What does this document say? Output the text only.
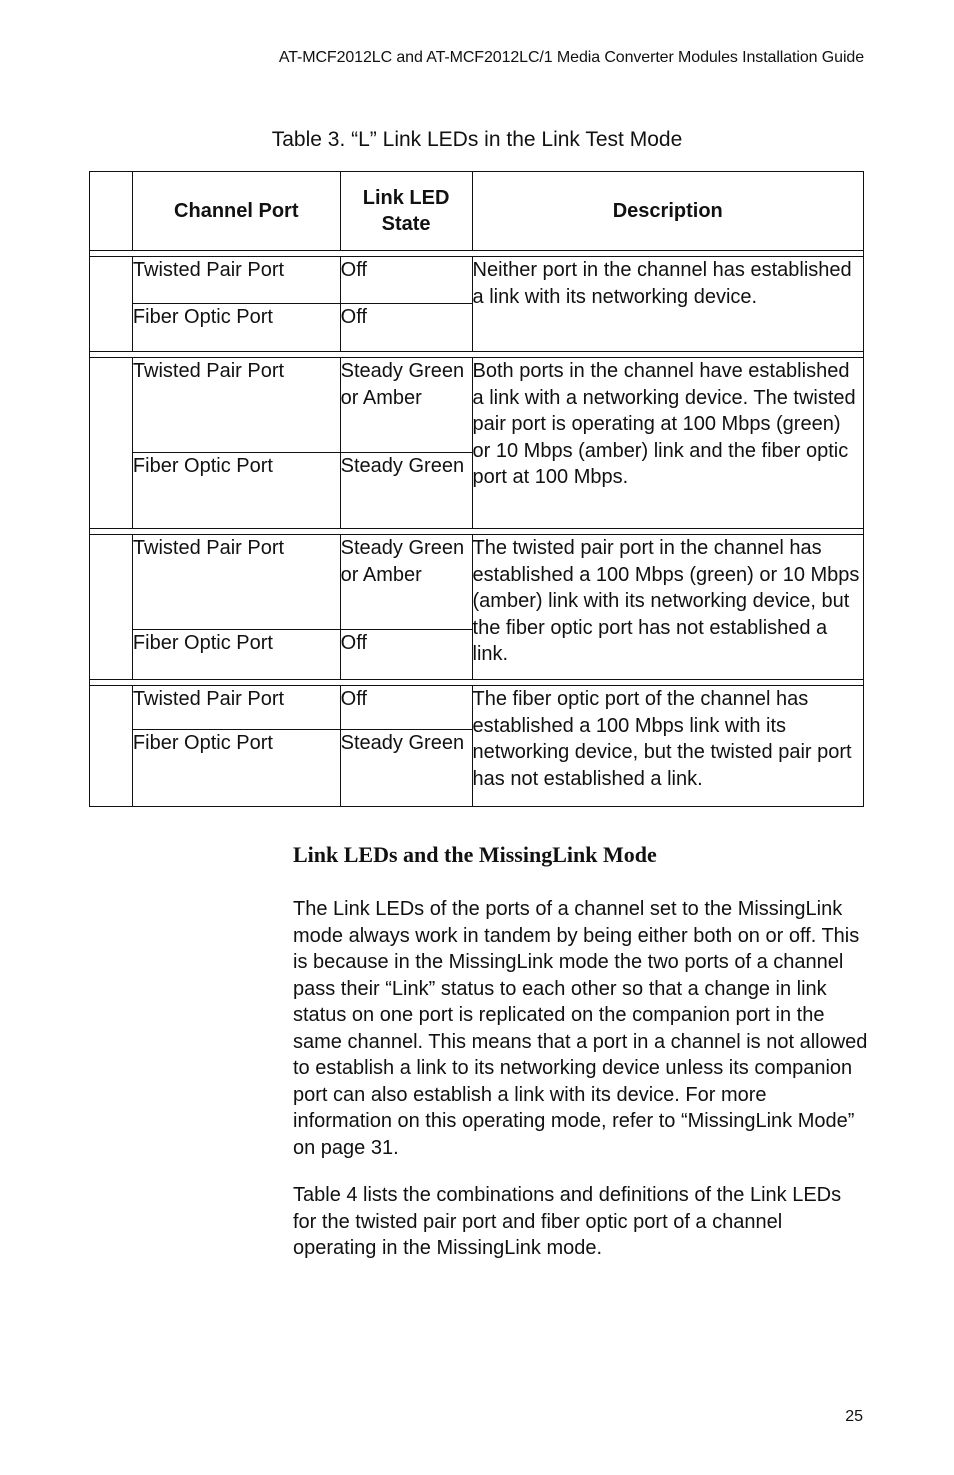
AT-MCF2012LC and AT-MCF2012LC/1 Media Converter Modules Installation Guide
Table 3. “L” Link LEDs in the Link Test Mode
	Channel Port	Link LED State	Description

	Twisted Pair Port	Off	Neither port in the channel has established a link with its networking device.
	Fiber Optic Port	Off	

	Twisted Pair Port	Steady Green or Amber	Both ports in the channel have established a link with a networking device. The twisted pair port is operating at 100 Mbps (green) or 10 Mbps (amber) link and the fiber optic port at 100 Mbps.
	Fiber Optic Port	Steady Green	

	Twisted Pair Port	Steady Green or Amber	The twisted pair port in the channel has established a 100 Mbps (green) or 10 Mbps (amber) link with its networking device, but the fiber optic port has not established a link.
	Fiber Optic Port	Off	

	Twisted Pair Port	Off	The fiber optic port of the channel has established a 100 Mbps link with its networking device, but the twisted pair port has not established a link.
	Fiber Optic Port	Steady Green	
Link LEDs and the MissingLink Mode

The Link LEDs of the ports of a channel set to the MissingLink mode always work in tandem by being either both on or off. This is because in the MissingLink mode the two ports of a channel pass their “Link” status to each other so that a change in link status on one port is replicated on the companion port in the same channel. This means that a port in a channel is not allowed to establish a link to its networking device unless its companion port can also establish a link with its device. For more information on this operating mode, refer to “MissingLink Mode” on page 31.

Table 4 lists the combinations and definitions of the Link LEDs for the twisted pair port and fiber optic port of a channel operating in the MissingLink mode.

25
